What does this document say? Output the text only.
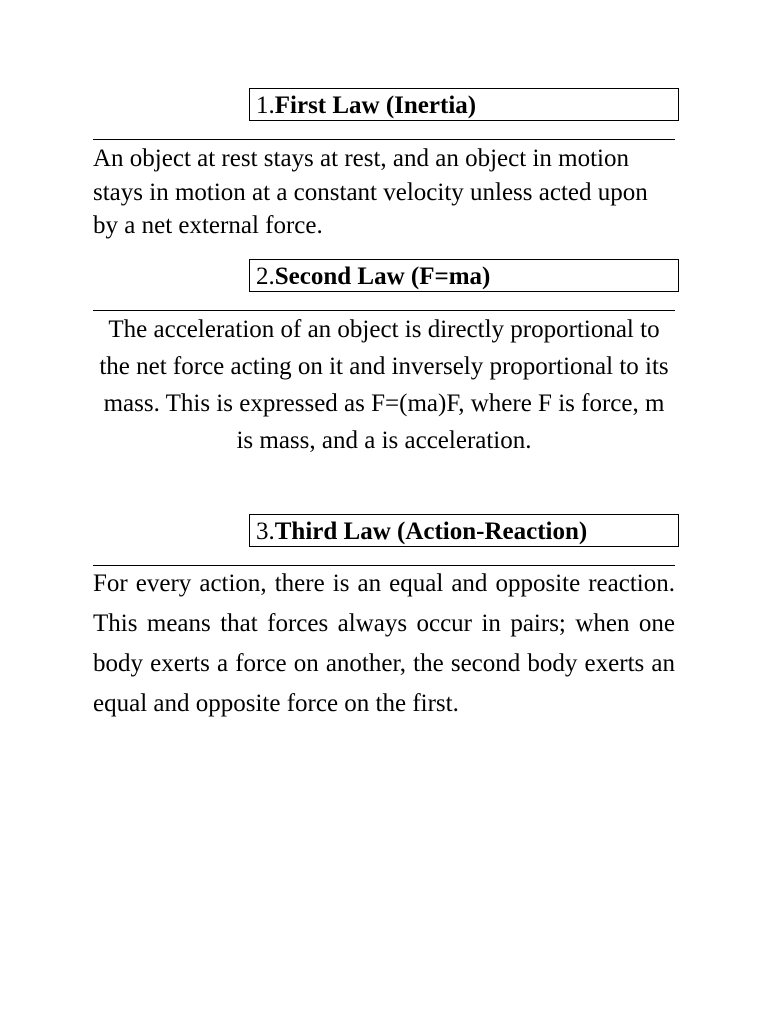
1.First Law (Inertia)

An object at rest stays at rest, and an object in motion stays in motion at a constant velocity unless acted upon by a net external force.

2.Second Law (F=ma)

The acceleration of an object is directly proportional to the net force acting on it and inversely proportional to its mass. This is expressed as F=(ma)F, where F is force, m is mass, and a is acceleration.

3.Third Law (Action-Reaction)

For every action, there is an equal and opposite reaction. This means that forces always occur in pairs; when one body exerts a force on another, the second body exerts an equal and opposite force on the first.
